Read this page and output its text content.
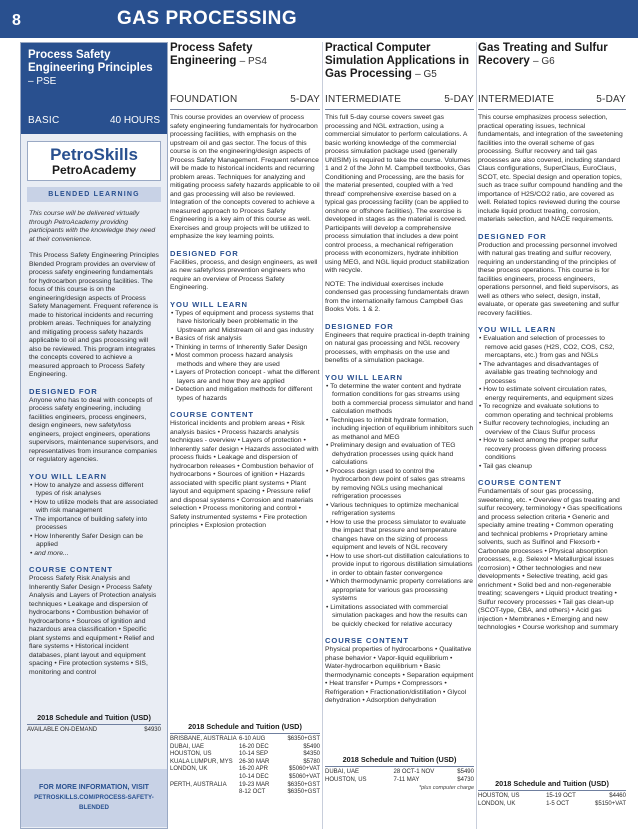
8	GAS PROCESSING
Process Safety Engineering Principles – PSE
BASIC	40 HOURS
PetroSkills
PetroAcademy
BLENDED LEARNING
This course will be delivered virtually through PetroAcademy providing participants with the knowledge they need at their convenience.
This Process Safety Engineering Principles Blended Program provides an overview of process safety engineering fundamentals for hydrocarbon processing facilities. The focus of this course is on the engineering/design aspects of Process Safety Management. Frequent reference is made to historical incidents and recurring problem areas. Techniques for analyzing and mitigating process safety hazards applicable to oil and gas processing will also be reviewed. This program integrates the concepts covered to achieve a measured approach to Process Safety Engineering.
DESIGNED FOR
Anyone who has to deal with concepts of process safety engineering, including facilities engineers, process engineers, design engineers, new safety/loss engineers, project engineers, operations supervisors, maintenance supervisors, and representatives from insurance companies or regulatory agencies.
YOU WILL LEARN
• How to analyze and assess different types of risk analyses
• How to utilize models that are associated with risk management
• The importance of building safety into processes
• How Inherently Safer Design can be applied
• and more...
COURSE CONTENT
Process Safety Risk Analysis and Inherently Safer Design • Process Safety Analysis and Layers of Protection analysis techniques • Leakage and dispersion of hydrocarbons • Combustion behavior of hydrocarbons • Sources of ignition and hazardous area classification • Specific plant systems and equipment • Relief and flare systems • Historical incident databases, plant layout and equipment spacing • Fire protection systems • SIS, monitoring and control
2018 Schedule and Tuition (USD)
AVAILABLE ON-DEMAND	$4930
FOR MORE INFORMATION, VISIT
PETROSKILLS.COM/PROCESS-SAFETY-BLENDED
Process Safety Engineering – PS4
FOUNDATION	5-DAY
This course provides an overview of process safety engineering fundamentals for hydrocarbon processing facilities, with emphasis on the upstream oil and gas sector. The focus of this course is on the engineering/design aspects of Process Safety Management. Frequent reference will be made to historical incidents and recurring problem areas. Techniques for analyzing and mitigating process safety hazards applicable to oil and gas processing will also be reviewed. Integration of the concepts covered to achieve a measured approach to Process Safety Engineering is a key aim of this course as well. Exercises and group projects will be utilized to emphasize the key learning points.
DESIGNED FOR
Facilities, process, and design engineers, as well as new safety/loss prevention engineers who require an overview of Process Safety Engineering.
YOU WILL LEARN
• Types of equipment and process systems that have historically been problematic in the Upstream and Midstream oil and gas industry
• Basics of risk analysis
• Thinking in terms of Inherently Safer Design
• Most common process hazard analysis methods and where they are used
• Layers of Protection concept - what the different layers are and how they are applied
• Detection and mitigation methods for different types of hazards
COURSE CONTENT
Historical incidents and problem areas • Risk analysis basics • Process hazards analysis techniques - overview • Layers of protection • Inherently safer design • Hazards associated with process fluids • Leakage and dispersion of hydrocarbon releases • Combustion behavior of hydrocarbons • Sources of ignition • Hazards associated with specific plant systems • Plant layout and equipment spacing • Pressure relief and disposal systems • Corrosion and materials selection • Process monitoring and control • Safety instrumented systems • Fire protection principles • Explosion protection
2018 Schedule and Tuition (USD)
BRISBANE, AUSTRALIA 6-10 AUG	$6350+GST
DUBAI, UAE	16-20 DEC	$5490
HOUSTON, US	10-14 SEP	$4350
KUALA LUMPUR, MYS	26-30 MAR	$5780
LONDON, UK	16-20 APR	$5060+VAT
10-14 DEC	$5060+VAT
PERTH, AUSTRALIA	19-23 MAR	$6350+GST
8-12 OCT	$6350+GST
Practical Computer Simulation Applications in Gas Processing – G5
INTERMEDIATE	5-DAY
This full 5-day course covers sweet gas processing and NGL extraction, using a commercial simulator to perform calculations. A basic working knowledge of the commercial process simulation package used (generally UNISIM) is required to take the course. Volumes 1 and 2 of the John M. Campbell textbooks, Gas Conditioning and Processing, are the basis for the material presented, coupled with a 'red thread' comprehensive exercise based on a typical gas processing facility (can be applied to onshore or offshore facilities). The exercise is developed in stages as the material is covered. Participants will develop a comprehensive process simulation that includes a dew point control process, a mechanical refrigeration process with economizers, hydrate inhibition using MEG, and NGL liquid product stabilization with recycle.
NOTE: The individual exercises include condensed gas processing fundamentals drawn from the internationally famous Campbell Gas Books Vols. 1 & 2.
DESIGNED FOR
Engineers that require practical in-depth training on natural gas processing and NGL recovery processes, with emphasis on the use and benefits of a simulation package.
YOU WILL LEARN
• To determine the water content and hydrate formation conditions for gas streams using both a commercial process simulator and hand calculation methods
• Techniques to inhibit hydrate formation, including injection of equilibrium inhibitors such as methanol and MEG
• Preliminary design and evaluation of TEG dehydration processes using quick hand calculations
• Process design used to control the hydrocarbon dew point of sales gas streams by removing NGLs using mechanical refrigeration processes
• Various techniques to optimize mechanical refrigeration systems
• How to use the process simulator to evaluate the impact that pressure and temperature changes have on the sizing of process equipment and levels of NGL recovery
• How to use short-cut distillation calculations to provide input to rigorous distillation simulations in order to obtain faster convergence
• Which thermodynamic property correlations are appropriate for various gas processing systems
• Limitations associated with commercial simulation packages and how the results can be quickly checked for relative accuracy
COURSE CONTENT
Physical properties of hydrocarbons • Qualitative phase behavior • Vapor-liquid equilibrium • Water-hydrocarbon equilibrium • Basic thermodynamic concepts • Separation equipment • Heat transfer • Pumps • Compressors • Refrigeration • Fractionation/distillation • Glycol dehydration • Adsorption dehydration
2018 Schedule and Tuition (USD)
DUBAI, UAE	28 OCT-1 NOV	$5490
HOUSTON, US	7-11 MAY	$4730
*plus computer charge
Gas Treating and Sulfur Recovery – G6
INTERMEDIATE	5-DAY
This course emphasizes process selection, practical operating issues, technical fundamentals, and integration of the sweetening facilities into the overall scheme of gas processing. Sulfur recovery and tail gas processes are also covered, including standard Claus configurations, SuperClaus, EuroClaus, SCOT, etc. Special design and operation topics, such as trace sulfur compound handling and the importance of H2S/CO2 ratio, are covered as well. Related topics reviewed during the course include liquid product treating, corrosion, materials selection, and NACE requirements.
DESIGNED FOR
Production and processing personnel involved with natural gas treating and sulfur recovery, requiring an understanding of the principles of these process operations. This course is for facilities engineers, process engineers, operations personnel, and field supervisors, as well as others who select, design, install, evaluate, or operate gas sweetening and sulfur recovery facilities.
YOU WILL LEARN
• Evaluation and selection of processes to remove acid gases (H2S, CO2, COS, CS2, mercaptans, etc.) from gas and NGLs
• The advantages and disadvantages of available gas treating technology and processes
• How to estimate solvent circulation rates, energy requirements, and equipment sizes
• To recognize and evaluate solutions to common operating and technical problems
• Sulfur recovery technologies, including an overview of the Claus Sulfur process
• How to select among the proper sulfur recovery process given differing process conditions
• Tail gas cleanup
COURSE CONTENT
Fundamentals of sour gas processing, sweetening, etc. • Overview of gas treating and sulfur recovery, terminology • Gas specifications and process selection criteria • Generic and specialty amine treating • Common operating and technical problems • Proprietary amine solvents, such as Sulfinol and Flexsorb • Carbonate processes • Physical absorption processes, e.g. Selexol • Metallurgical issues (corrosion) • Other technologies and new developments • Selective treating, acid gas enrichment • Solid bed and non-regenerable treating; scavengers • Liquid product treating • Sulfur recovery processes • Tail gas clean-up (SCOT-type, CBA, and others) • Acid gas injection • Membranes • Emerging and new technologies • Course workshop and summary
2018 Schedule and Tuition (USD)
HOUSTON, US	15-19 OCT	$4460
LONDON, UK	1-5 OCT	$5150+VAT
